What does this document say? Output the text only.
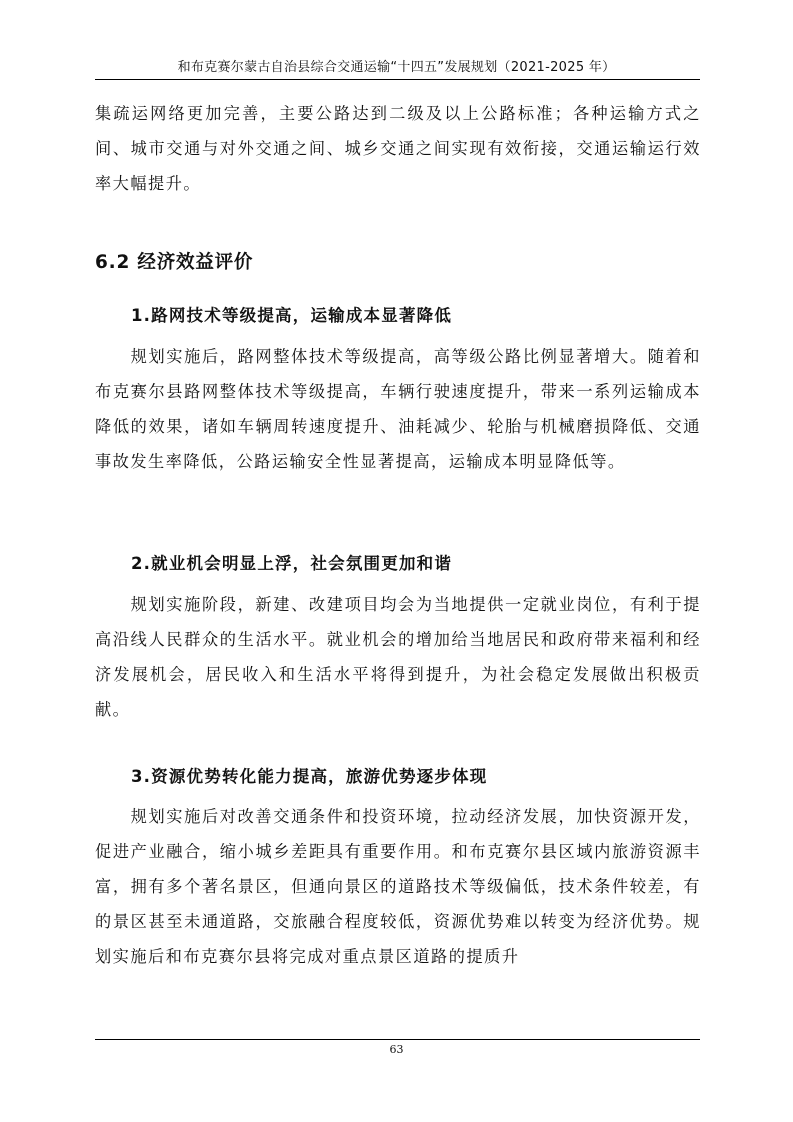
和布克赛尔蒙古自治县综合交通运输“十四五”发展规划（2021-2025 年）

集疏运网络更加完善，主要公路达到二级及以上公路标准；各种运输方式之间、城市交通与对外交通之间、城乡交通之间实现有效衔接，交通运输运行效率大幅提升。

6.2 经济效益评价
1.路网技术等级提高，运输成本显著降低

规划实施后，路网整体技术等级提高，高等级公路比例显著增大。随着和布克赛尔县路网整体技术等级提高，车辆行驶速度提升，带来一系列运输成本降低的效果，诸如车辆周转速度提升、油耗减少、轮胎与机械磨损降低、交通事故发生率降低，公路运输安全性显著提高，运输成本明显降低等。

2.就业机会明显上浮，社会氛围更加和谐

规划实施阶段，新建、改建项目均会为当地提供一定就业岗位，有利于提高沿线人民群众的生活水平。就业机会的增加给当地居民和政府带来福利和经济发展机会，居民收入和生活水平将得到提升，为社会稳定发展做出积极贡献。

3.资源优势转化能力提高，旅游优势逐步体现

规划实施后对改善交通条件和投资环境，拉动经济发展，加快资源开发，促进产业融合，缩小城乡差距具有重要作用。和布克赛尔县区域内旅游资源丰富，拥有多个著名景区，但通向景区的道路技术等级偏低，技术条件较差，有的景区甚至未通道路，交旅融合程度较低，资源优势难以转变为经济优势。规划实施后和布克赛尔县将完成对重点景区道路的提质升

63
